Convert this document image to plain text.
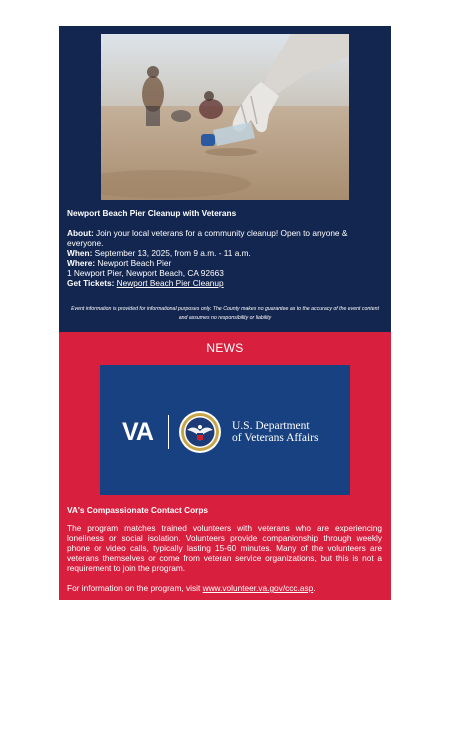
Newport Beach Pier Cleanup with Veterans
About: Join your local veterans for a community cleanup! Open to anyone & everyone.
When: September 13, 2025, from 9 a.m. - 11 a.m.
Where: Newport Beach Pier
1 Newport Pier, Newport Beach, CA 92663
Get Tickets: Newport Beach Pier Cleanup
Event information is provided for informational purposes only. The County makes no guarantee as to the accuracy of the event content and assumes no responsibility or liability
NEWS
VA	U.S. Department
of Veterans Affairs
VA's Compassionate Contact Corps
The program matches trained volunteers with veterans who are experiencing loneliness or social isolation. Volunteers provide companionship through weekly phone or video calls, typically lasting 15-60 minutes. Many of the volunteers are veterans themselves or come from veteran service organizations, but this is not a requirement to join the program.
For information on the program, visit www.volunteer.va.gov/ccc.asp.
